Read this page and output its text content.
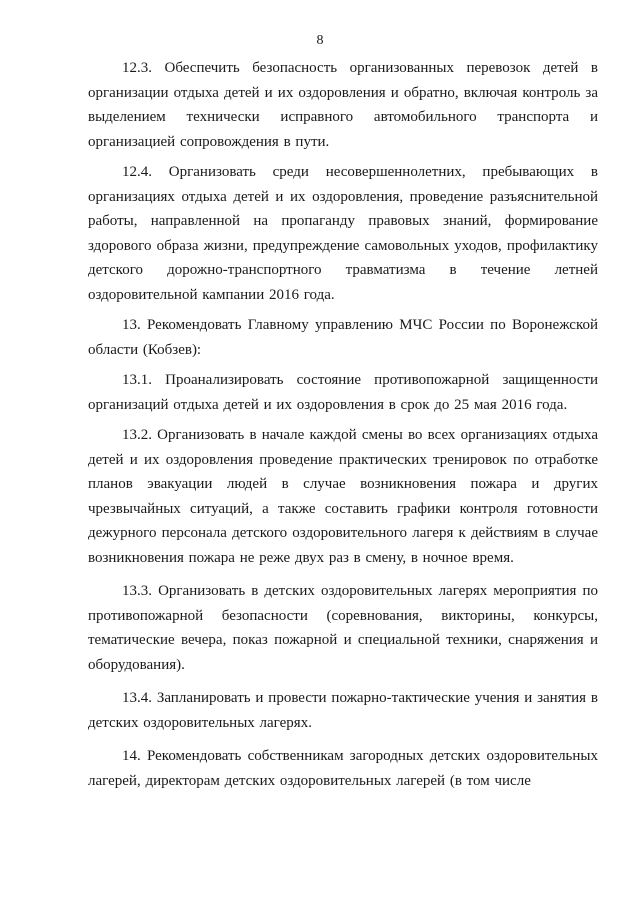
8

12.3. Обеспечить безопасность организованных перевозок детей в организации отдыха детей и их оздоровления и обратно, включая контроль за выделением технически исправного автомобильного транспорта и организацией сопровождения в пути.

12.4. Организовать среди несовершеннолетних, пребывающих в организациях отдыха детей и их оздоровления, проведение разъяснительной работы, направленной на пропаганду правовых знаний, формирование здорового образа жизни, предупреждение самовольных уходов, профилактику детского дорожно-транспортного травматизма в течение летней оздоровительной кампании 2016 года.

13. Рекомендовать Главному управлению МЧС России по Воронежской области (Кобзев):

13.1. Проанализировать состояние противопожарной защищенности организаций отдыха детей и их оздоровления в срок до 25 мая 2016 года.

13.2. Организовать в начале каждой смены во всех организациях отдыха детей и их оздоровления проведение практических тренировок по отработке планов эвакуации людей в случае возникновения пожара и других чрезвычайных ситуаций, а также составить графики контроля готовности дежурного персонала детского оздоровительного лагеря к действиям в случае возникновения пожара не реже двух раз в смену, в ночное время.

13.3. Организовать в детских оздоровительных лагерях мероприятия по противопожарной безопасности (соревнования, викторины, конкурсы, тематические вечера, показ пожарной и специальной техники, снаряжения и оборудования).

13.4. Запланировать и провести пожарно-тактические учения и занятия в детских оздоровительных лагерях.

14. Рекомендовать собственникам загородных детских оздоровительных лагерей, директорам детских оздоровительных лагерей (в том числе
